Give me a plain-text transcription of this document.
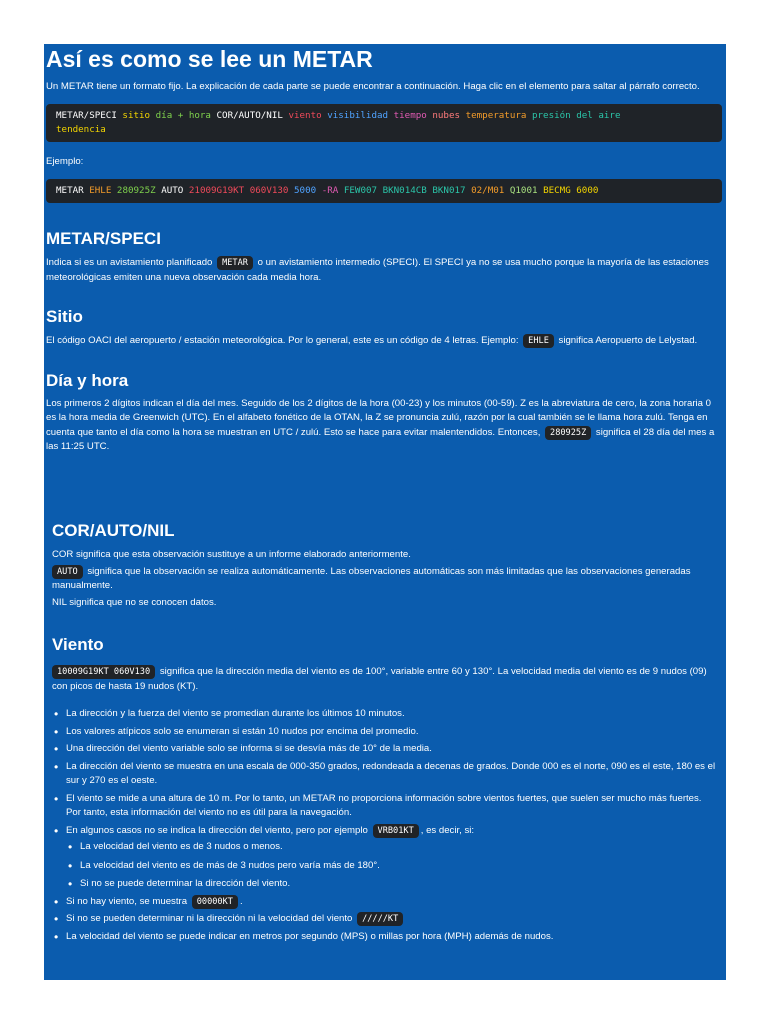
Así es como se lee un METAR

Un METAR tiene un formato fijo. La explicación de cada parte se puede encontrar a continuación. Haga clic en el elemento para saltar al párrafo correcto.

METAR/SPECI sitio día + hora COR/AUTO/NIL viento visibilidad tiempo nubes temperatura presión del aire
tendencia

Ejemplo:

METAR EHLE 280925Z AUTO 21009G19KT 060V130 5000 -RA FEW007 BKN014CB BKN017 02/M01 Q1001 BECMG 6000
METAR/SPECI

Indica si es un avistamiento planificado METAR o un avistamiento intermedio (SPECI). El SPECI ya no se usa mucho porque la mayoría de las estaciones meteorológicas emiten una nueva observación cada media hora.

Sitio

El código OACI del aeropuerto / estación meteorológica. Por lo general, este es un código de 4 letras. Ejemplo: EHLE significa Aeropuerto de Lelystad.

Día y hora

Los primeros 2 dígitos indican el día del mes. Seguido de los 2 dígitos de la hora (00-23) y los minutos (00-59). Z es la abreviatura de cero, la zona horaria 0 es la hora media de Greenwich (UTC). En el alfabeto fonético de la OTAN, la Z se pronuncia zulú, razón por la cual también se le llama hora zulú. Tenga en cuenta que tanto el día como la hora se muestran en UTC / zulú. Esto se hace para evitar malentendidos. Entonces, 280925Z significa el 28 día del mes a las 11:25 UTC.

COR/AUTO/NIL

COR significa que esta observación sustituye a un informe elaborado anteriormente.

AUTO significa que la observación se realiza automáticamente. Las observaciones automáticas son más limitadas que las observaciones generadas manualmente.

NIL significa que no se conocen datos.

Viento

10009G19KT 060V130 significa que la dirección media del viento es de 100°, variable entre 60 y 130°. La velocidad media del viento es de 9 nudos (09) con picos de hasta 19 nudos (KT).

• La dirección y la fuerza del viento se promedian durante los últimos 10 minutos.
• Los valores atípicos solo se enumeran si están 10 nudos por encima del promedio.
• Una dirección del viento variable solo se informa si se desvía más de 10° de la media.
• La dirección del viento se muestra en una escala de 000-350 grados, redondeada a decenas de grados. Donde 000 es el norte, 090 es el este, 180 es el sur y 270 es el oeste.
• El viento se mide a una altura de 10 m. Por lo tanto, un METAR no proporciona información sobre vientos fuertes, que suelen ser mucho más fuertes. Por tanto, esta información del viento no es útil para la navegación.
• En algunos casos no se indica la dirección del viento, pero por ejemplo VRB01KT , es decir, si:
• La velocidad del viento es de 3 nudos o menos.
• La velocidad del viento es de más de 3 nudos pero varía más de 180°.
• Si no se puede determinar la dirección del viento.
• Si no hay viento, se muestra 00000KT .
• Si no se pueden determinar ni la dirección ni la velocidad del viento /////KT
• La velocidad del viento se puede indicar en metros por segundo (MPS) o millas por hora (MPH) además de nudos.
